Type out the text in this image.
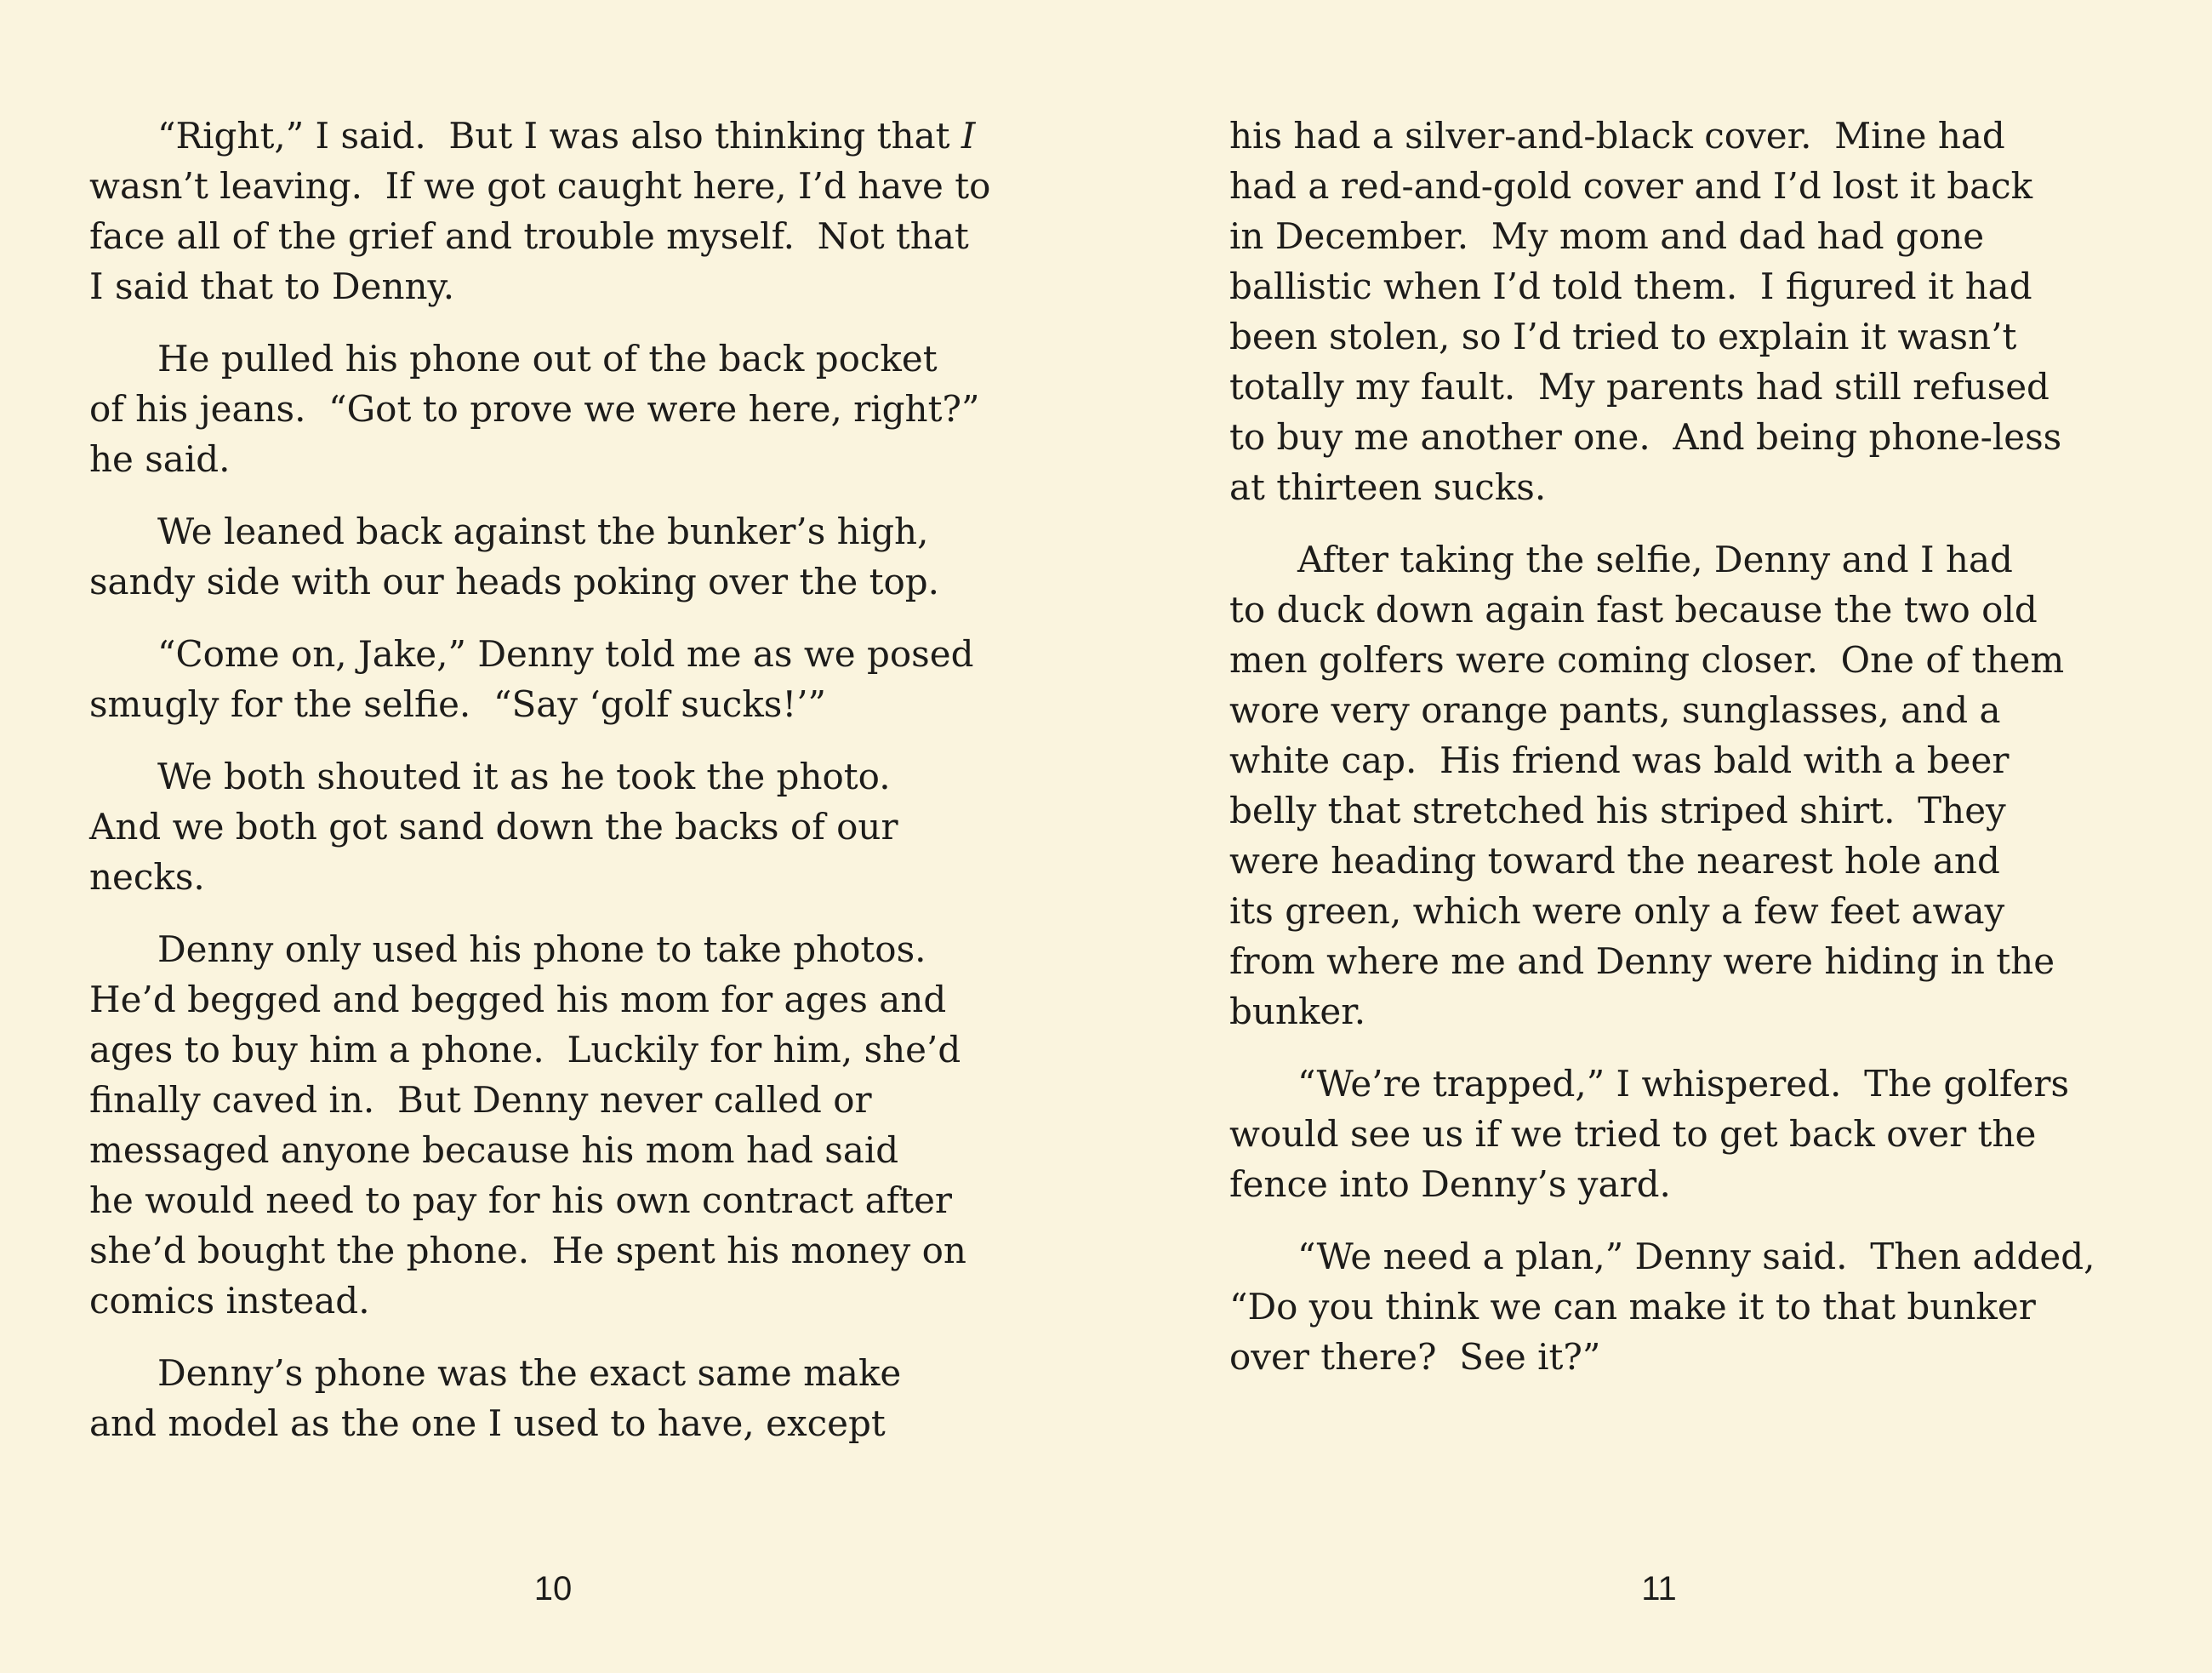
“Right,” I said.  But I was also thinking that I
wasn’t leaving.  If we got caught here, I’d have to
face all of the grief and trouble myself.  Not that
I said that to Denny.

He pulled his phone out of the back pocket
of his jeans.  “Got to prove we were here, right?”
he said.

We leaned back against the bunker’s high,
sandy side with our heads poking over the top.

“Come on, Jake,” Denny told me as we posed
smugly for the selfie.  “Say ‘golf sucks!’”

We both shouted it as he took the photo.
And we both got sand down the backs of our
necks.

Denny only used his phone to take photos.
He’d begged and begged his mom for ages and
ages to buy him a phone.  Luckily for him, she’d
finally caved in.  But Denny never called or
messaged anyone because his mom had said
he would need to pay for his own contract after
she’d bought the phone.  He spent his money on
comics instead.

Denny’s phone was the exact same make
and model as the one I used to have, except

10

his had a silver-and-black cover.  Mine had
had a red-and-gold cover and I’d lost it back
in December.  My mom and dad had gone
ballistic when I’d told them.  I figured it had
been stolen, so I’d tried to explain it wasn’t
totally my fault.  My parents had still refused
to buy me another one.  And being phone-less
at thirteen sucks.

After taking the selfie, Denny and I had
to duck down again fast because the two old
men golfers were coming closer.  One of them
wore very orange pants, sunglasses, and a
white cap.  His friend was bald with a beer
belly that stretched his striped shirt.  They
were heading toward the nearest hole and
its green, which were only a few feet away
from where me and Denny were hiding in the
bunker.

“We’re trapped,” I whispered.  The golfers
would see us if we tried to get back over the
fence into Denny’s yard.

“We need a plan,” Denny said.  Then added,
“Do you think we can make it to that bunker
over there?  See it?”

11
